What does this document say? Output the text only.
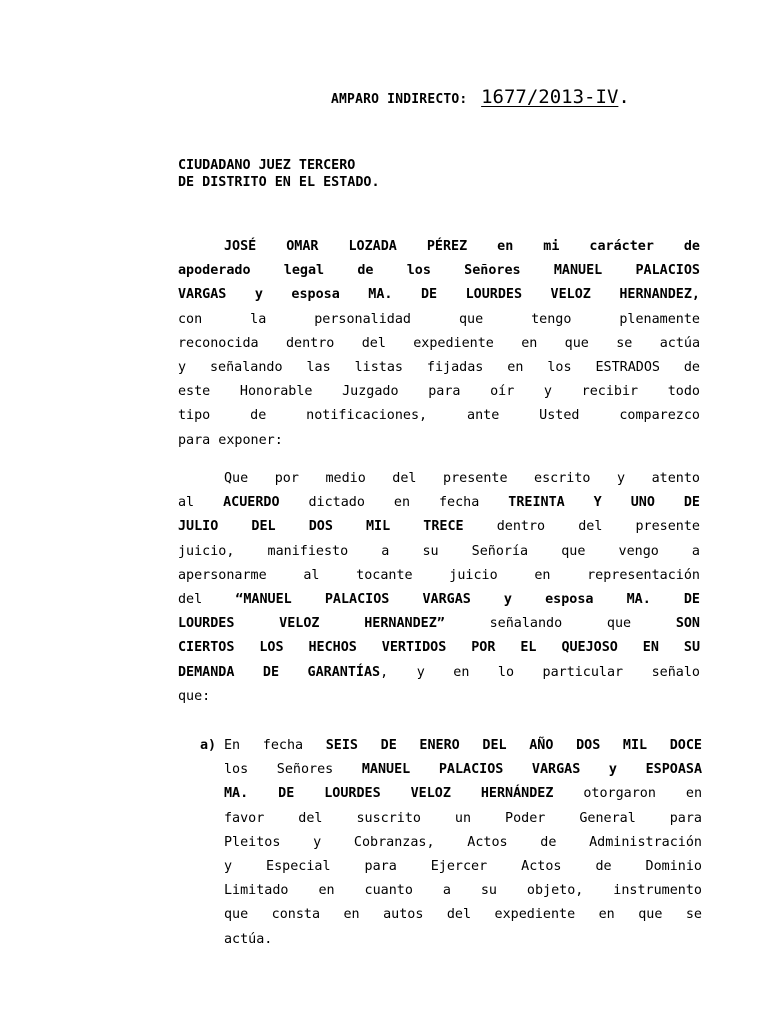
AMPARO INDIRECTO: 1677/2013-IV.
CIUDADANO JUEZ TERCERO
DE DISTRITO EN EL ESTADO.
JOSÉ OMAR LOZADA PÉREZ en mi carácter de
apoderado legal de los Señores MANUEL PALACIOS
VARGAS y esposa MA. DE LOURDES VELOZ HERNANDEZ,
con la personalidad que tengo plenamente
reconocida dentro del expediente en que se actúa
y señalando las listas fijadas en los ESTRADOS de
este Honorable Juzgado para oír y recibir todo
tipo de notificaciones, ante Usted comparezco
para exponer:
Que por medio del presente escrito y atento
al ACUERDO dictado en fecha TREINTA Y UNO DE
JULIO DEL DOS MIL TRECE dentro del presente
juicio, manifiesto a su Señoría que vengo a
apersonarme al tocante juicio en representación
del “MANUEL PALACIOS VARGAS y esposa MA. DE
LOURDES VELOZ HERNANDEZ” señalando que SON
CIERTOS LOS HECHOS VERTIDOS POR EL QUEJOSO EN SU
DEMANDA DE GARANTÍAS, y en lo particular señalo
que:
a) En fecha SEIS DE ENERO DEL AÑO DOS MIL DOCE
los Señores MANUEL PALACIOS VARGAS y ESPOASA
MA. DE LOURDES VELOZ HERNÁNDEZ otorgaron en
favor del suscrito un Poder General para
Pleitos y Cobranzas, Actos de Administración
y Especial para Ejercer Actos de Dominio
Limitado en cuanto a su objeto, instrumento
que consta en autos del expediente en que se
actúa.
